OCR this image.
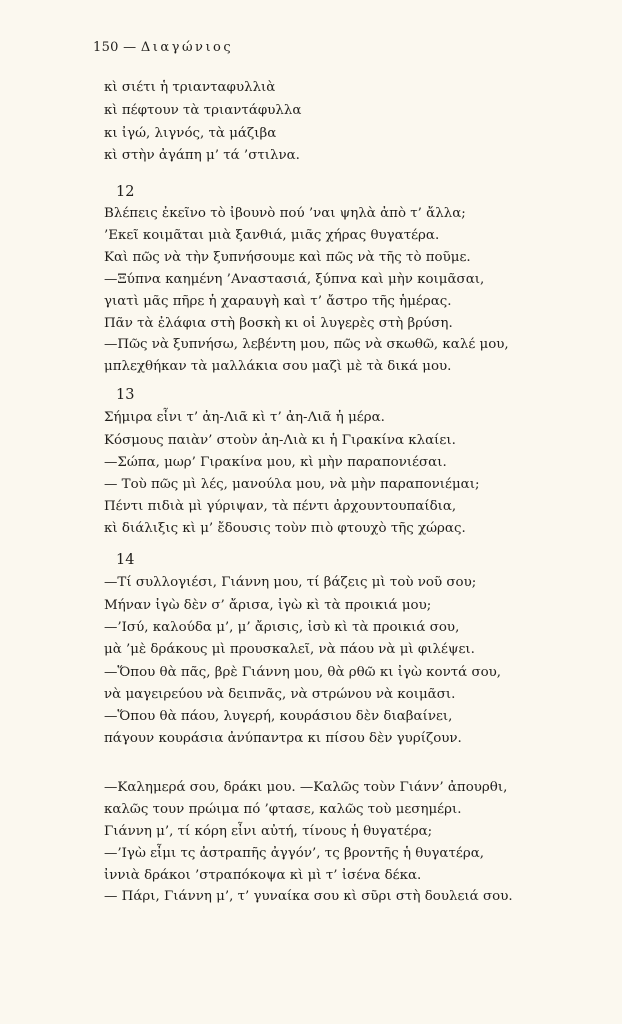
150 — Διαγώνιος
κὶ σιέτι ἡ τριανταφυλλιὰ
κὶ πέφτουν τὰ τριαντάφυλλα
κι ἰγώ, λιγνός, τὰ μάζιβα
κὶ στὴν ἀγάπη μ’ τά ’στιλνα.
12
Βλέπεις ἐκεῖνο τὸ ἰβουνὸ πού ’ναι ψηλὰ ἀπὸ τ’ ἄλλα;
’Εκεῖ κοιμᾶται μιὰ ξανθιά, μιᾶς χήρας θυγατέρα.
Καὶ πῶς νὰ τὴν ξυπνήσουμε καὶ πῶς νὰ τῆς τὸ ποῦμε.
—Ξύπνα καημένη ’Αναστασιά, ξύπνα καὶ μὴν κοιμᾶσαι,
γιατὶ μᾶς πῆρε ἡ χαραυγὴ καὶ τ’ ἄστρο τῆς ἡμέρας.
Πᾶν τὰ ἐλάφια στὴ βοσκὴ κι οἱ λυγερὲς στὴ βρύση.
—Πῶς νὰ ξυπνήσω, λεβέντη μου, πῶς νὰ σκωθῶ, καλέ μου,
μπλεχθήκαν τὰ μαλλάκια σου μαζὶ μὲ τὰ δικά μου.
13
Σήμιρα εἶνι τ’ ἀη-Λιᾶ κὶ τ’ ἀη-Λιᾶ ἡ μέρα.
Κόσμους παιὰν’ στοὺν ἀη-Λιὰ κι ἡ Γιρακίνα κλαίει.
—Σώπα, μωρ’ Γιρακίνα μου, κὶ μὴν παραπονιέσαι.
— Τοὺ πῶς μὶ λές, μανούλα μου, νὰ μὴν παραπονιέμαι;
Πέντι πιδιὰ μὶ γύριψαν, τὰ πέντι ἀρχουντουπαίδια,
κὶ διάλιξις κὶ μ’ ἔδουσις τοὺν πιὸ φτουχὸ τῆς χώρας.
14
—Τί συλλογιέσι, Γιάννη μου, τί βάζεις μὶ τοὺ νοῦ σου;
Μήναν ἰγὼ δὲν σ’ ἄρισα, ἰγὼ κὶ τὰ προικιά μου;
—’Ισύ, καλούδα μ’, μ’ ἄρισις, ἰσὺ κὶ τὰ προικιά σου,
μὰ ’μὲ δράκους μὶ προυσκαλεῖ, νὰ πάου νὰ μὶ φιλέψει.
—Ὅπου θὰ πᾶς, βρὲ Γιάννη μου, θὰ ρθῶ κι ἰγὼ κοντά σου,
νὰ μαγειρεύου νὰ δειπνᾶς, νὰ στρώνου νὰ κοιμᾶσι.
—Ὅπου θὰ πάου, λυγερή, κουράσιου δὲν διαβαίνει,
πάγουν κουράσια ἀνύπαντρα κι πίσου δὲν γυρίζουν.
—Καλημερά σου, δράκι μου. —Καλῶς τοὺν Γιάνν’ ἀπουρθι,
καλῶς τουν πρώιμα πό ’φτασε, καλῶς τοὺ μεσημέρι.
Γιάννη μ’, τί κόρη εἶνι αὐτή, τίνους ἡ θυγατέρα;
—’Ιγὼ εἶμι τς ἀστραπῆς ἀγγόν’, τς βροντῆς ἡ θυγατέρα,
ἰννιὰ δράκοι ’στραπόκοψα κὶ μὶ τ’ ἰσένα δέκα.
— Πάρι, Γιάννη μ’, τ’ γυναίκα σου κὶ σῦρι στὴ δουλειά σου.
